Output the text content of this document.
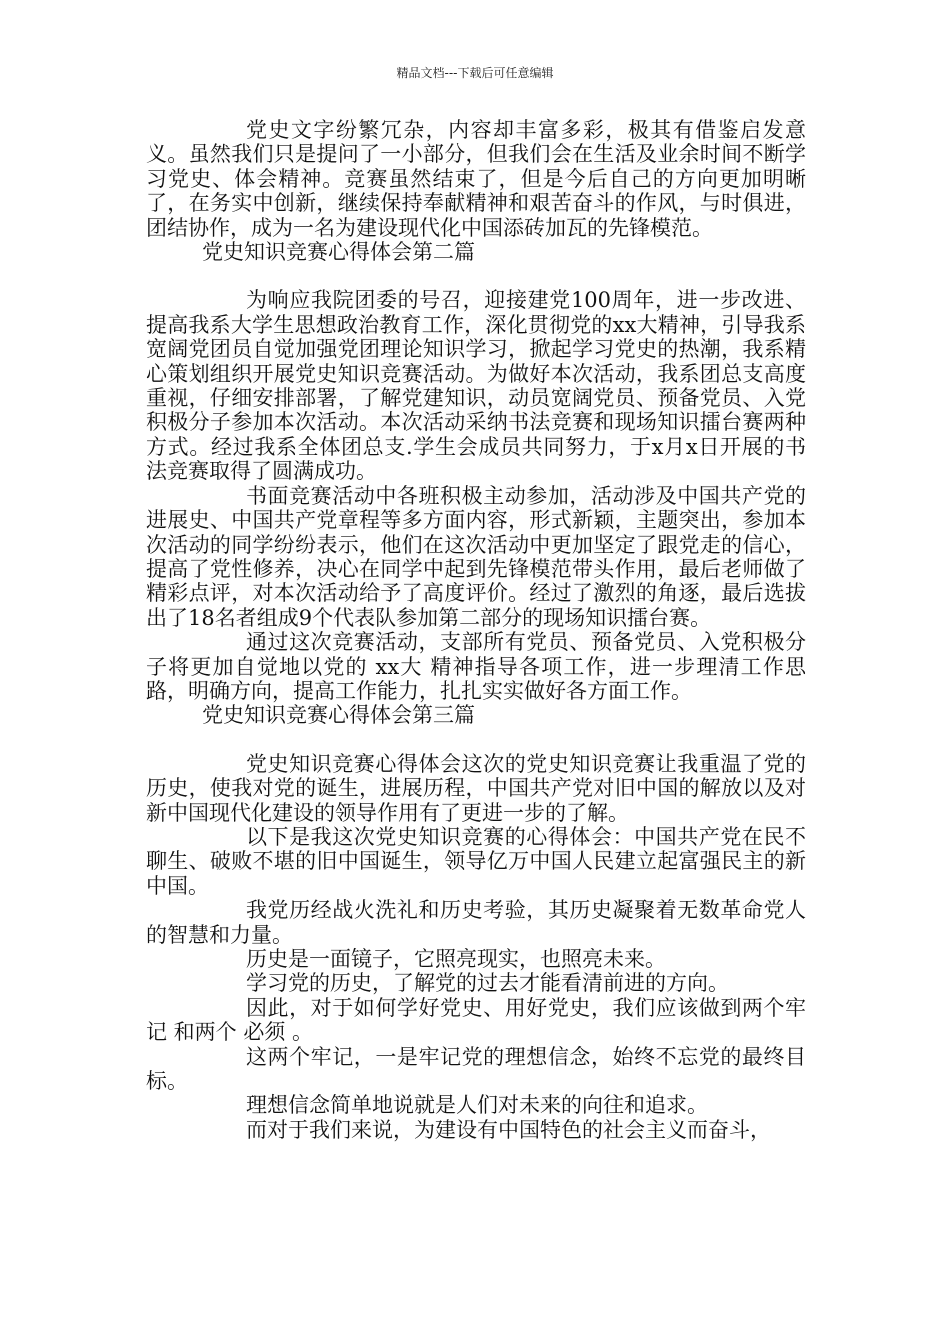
精品文档---下载后可任意编辑

党史文字纷繁冗杂，内容却丰富多彩，极其有借鉴启发意义。虽然我们只是提问了一小部分，但我们会在生活及业余时间不断学习党史、体会精神。竞赛虽然结束了，但是今后自己的方向更加明晰了，在务实中创新，继续保持奉献精神和艰苦奋斗的作风，与时俱进，团结协作，成为一名为建设现代化中国添砖加瓦的先锋模范。

党史知识竞赛心得体会第二篇

为响应我院团委的号召，迎接建党100周年，进一步改进、提高我系大学生思想政治教育工作，深化贯彻党的xx大精神，引导我系宽阔党团员自觉加强党团理论知识学习，掀起学习党史的热潮，我系精心策划组织开展党史知识竞赛活动。为做好本次活动，我系团总支高度重视，仔细安排部署，了解党建知识，动员宽阔党员、预备党员、入党积极分子参加本次活动。本次活动采纳书法竞赛和现场知识擂台赛两种方式。经过我系全体团总支.学生会成员共同努力，于x月x日开展的书法竞赛取得了圆满成功。

书面竞赛活动中各班积极主动参加，活动涉及中国共产党的进展史、中国共产党章程等多方面内容，形式新颖，主题突出，参加本次活动的同学纷纷表示，他们在这次活动中更加坚定了跟党走的信心，提高了党性修养，决心在同学中起到先锋模范带头作用，最后老师做了精彩点评，对本次活动给予了高度评价。经过了激烈的角逐，最后选拔出了18名者组成9个代表队参加第二部分的现场知识擂台赛。

通过这次竞赛活动，支部所有党员、预备党员、入党积极分子将更加自觉地以党的 xx大 精神指导各项工作，进一步理清工作思路，明确方向，提高工作能力，扎扎实实做好各方面工作。

党史知识竞赛心得体会第三篇

党史知识竞赛心得体会这次的党史知识竞赛让我重温了党的历史，使我对党的诞生，进展历程，中国共产党对旧中国的解放以及对新中国现代化建设的领导作用有了更进一步的了解。

以下是我这次党史知识竞赛的心得体会：中国共产党在民不聊生、破败不堪的旧中国诞生，领导亿万中国人民建立起富强民主的新中国。

我党历经战火洗礼和历史考验，其历史凝聚着无数革命党人的智慧和力量。

历史是一面镜子，它照亮现实，也照亮未来。

学习党的历史，了解党的过去才能看清前进的方向。

因此，对于如何学好党史、用好党史，我们应该做到两个牢记 和两个 必须 。

这两个牢记，一是牢记党的理想信念，始终不忘党的最终目标。

理想信念简单地说就是人们对未来的向往和追求。

而对于我们来说，为建设有中国特色的社会主义而奋斗，
